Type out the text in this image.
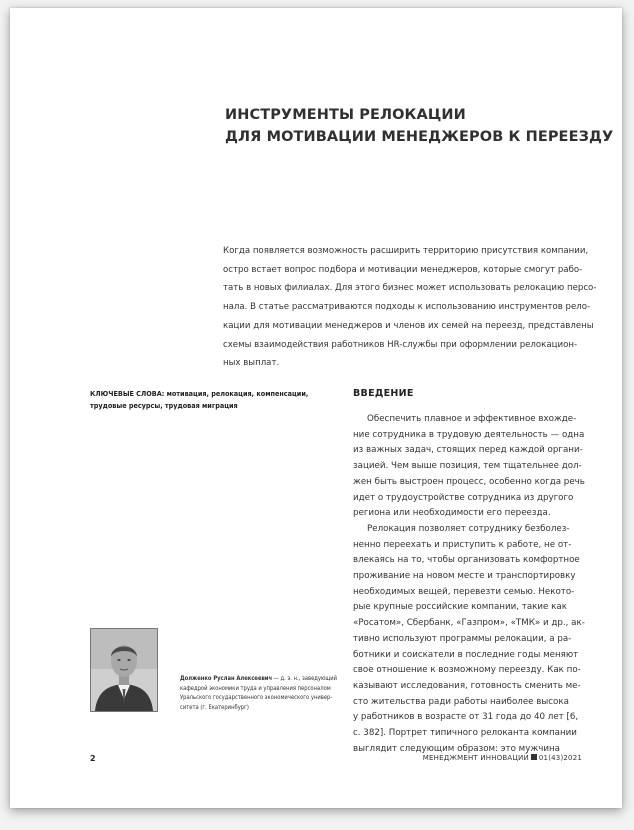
ИНСТРУМЕНТЫ РЕЛОКАЦИИ
ДЛЯ МОТИВАЦИИ МЕНЕДЖЕРОВ К ПЕРЕЕЗДУ
Когда появляется возможность расширить территорию присутствия компании,
остро встает вопрос подбора и мотивации менеджеров, которые смогут рабо-
тать в новых филиалах. Для этого бизнес может использовать релокацию персо-
нала. В статье рассматриваются подходы к использованию инструментов рело-
кации для мотивации менеджеров и членов их семей на переезд, представлены
схемы взаимодействия работников HR-службы при оформлении релокацион-
ных выплат.
КЛЮЧЕВЫЕ СЛОВА: мотивация, релокация, компенсации,
трудовые ресурсы, трудовая миграция
ВВЕДЕНИЕ
Обеспечить плавное и эффективное вхожде-
ние сотрудника в трудовую деятельность — одна
из важных задач, стоящих перед каждой органи-
зацией. Чем выше позиция, тем тщательнее дол-
жен быть выстроен процесс, особенно когда речь
идет о трудоустройстве сотрудника из другого
региона или необходимости его переезда.
Релокация позволяет сотруднику безболез-
ненно переехать и приступить к работе, не от-
влекаясь на то, чтобы организовать комфортное
проживание на новом месте и транспортировку
необходимых вещей, перевезти семью. Некото-
рые крупные российские компании, такие как
«Росатом», Сбербанк, «Газпром», «ТМК» и др., ак-
тивно используют программы релокации, а ра-
ботники и соискатели в последние годы меняют
свое отношение к возможному переезду. Как по-
казывают исследования, готовность сменить ме-
сто жительства ради работы наиболее высока
у работников в возрасте от 31 года до 40 лет [6,
с. 382]. Портрет типичного релоканта компании
выглядит следующим образом: это мужчина
Долженко Руслан Алексеевич — д. э. н., заведующий
кафедрой экономики труда и управления персоналом
Уральского государственного экономического универ-
ситета (г. Екатеринбург)
2	МЕНЕДЖМЕНТ ИННОВАЦИЙ 01(43)2021
